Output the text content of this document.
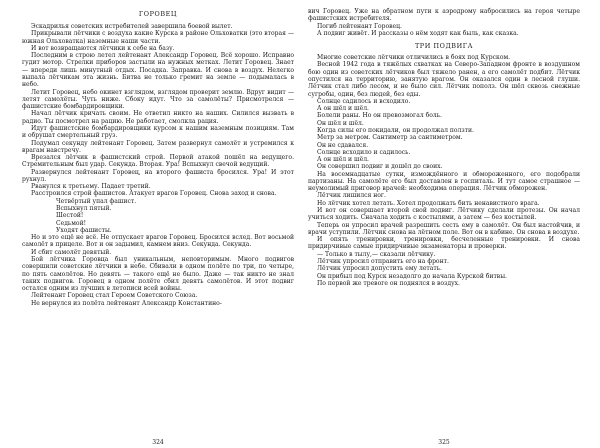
ГОРОВЕЦ

Эскадрилья советских истребителей завершила боевой вылет.

Прикрывали лётчики с воздуха какие Курска в районе Ольховатки (это вторая — южная Ольховатка) наземные наши части.

И вот возвращаются лётчики к себе на базу.

Последним в строю летел лейтенант Александр Горовец. Всё хорошо. Исправно гудит мотор. Стрелки приборов застыли на нужных метках. Летит Горовец. Знает — впереди лишь минутный отдых. Посадка. Заправка. И снова в воздух. Нелегко выпала лётчикам эта жизнь. Битва не только гремит на земле — подымалась в небо.

Летит Горовец, небо окинет взглядом, взглядом проверит землю. Вдруг видит — летят самолёты. Чуть ниже. Сбоку идут. Что за самолёты? Присмотрелся — фашистские бомбардировщики.

Начал лётчик кричать своим. Не ответил никто на наших. Силился вызвать в радио. Ты посмотрел на рацию. Не работает, смолкла рация.

Идут фашистские бомбардировщики курсом к нашим наземным позициям. Там и обрушат смертельный груз.

Подумал секунду лейтенант Горовец. Затем развернул самолёт и устремился к врагам навстречу.

Врезался лётчик в фашистский строй. Первой атакой пошёл на ведущего. Стремительным был удар. Секунда. Вторая. Ура! Вспыхнул свечой ведущий.

Развернулся лейтенант Горовец, на второго фашиста бросился. Ура! И этот рухнул.

Рванулся к третьему. Падает третий.

Расстроился строй фашистов. Атакует врагов Горовец. Снова заход и снова.

Четвёртый упал фашист.

Вспыхнул пятый.

Шестой!

Седьмой!

Уходят фашисты.

Но и это ещё не всё. Не отпускает врагов Горовец. Бросился вслед. Вот восьмой самолёт в прицеле. Вот и он задымил, камнем вниз. Секунда. Секунда.

И сбит самолёт девятый.

Бой лётчика Горовца был уникальным, неповторимым. Много подвигов совершили советские лётчики в небе. Сбивали в одном полёте по три, по четыре, по пять самолётов. Но девять — такого ещё не было. Даже — так никто не знал таких подвигов. Горовец в одном полёте сбил девять самолётов. И этот подвиг остался одним из лучших в летописи всей войны.

Лейтенант Горовец стал Героем Советского Союза.

Не вернулся из полёта лейтенант Александр Константино-

324

вич Горовец. Уже на обратном пути к аэродрому набросились на героя четыре фашистских истребителя.

Погиб лейтенант Горовец.

А подвиг живёт. И рассказы о нём ходят как быль, как сказка.

ТРИ ПОДВИГА

Многие советские лётчики отличились в боях под Курском.

Весной 1942 года в тяжёлых схватках на Северо-Западном фронте в воздушном бою один из советских лётчиков был тяжело ранен, а его самолёт подбит. Лётчик опустился на территорию, занятую врагом. Он оказался один в лесной глуши. Лётчик стал либо лесом, и не было сил. Лётчик пополз. Он шёл сквозь снежные сугробы, один, без людей, без еды.

Солнце садилось и всходило.

А он шёл и шёл.

Болели раны. Но он превозмогал боль.

Он шёл и шёл.

Когда силы его покидали, он продолжал ползти.

Метр за метром. Сантиметр за сантиметром.

Он не сдавался.

Солнце всходило и садилось.

А он шёл и шёл.

Он совершил подвиг и дошёл до своих.

На восемнадцатые сутки, измождённого и обмороженного, его подобрали партизаны. На самолёте его был доставлен в госпиталь. И тут самое страшное — неумолимый приговор врачей: необходима операция. Лётчик обморожен.

Лётчик лишился ног.

Но лётчик хотел летать. Хотел продолжать бить ненавистного врага.

И вот он совершает второй свой подвиг. Лётчику сделали протезы. Он начал учиться ходить. Сначала ходить с костылями, а затем — без костылей.

Теперь он упросил врачей разрешить сесть ему в самолёт. Он был настойчив, и врачи уступили. Лётчик снова на лётном поле. Вот он в кабине. Он снова в воздухе.

И опять тренировки, тренировки, бесчеленные тренировки. И снова придирчивые самые придирчивые экзаменаторы и проверки.

— Только в тылу,— сказали лётчику.

Лётчик упросил отправить его на фронт.

Лётчик упросил допустить ему летать.

Он прибыл под Курск незадолго до начала Курской битвы.

По первой же тревоге он поднялся в воздух.

325
